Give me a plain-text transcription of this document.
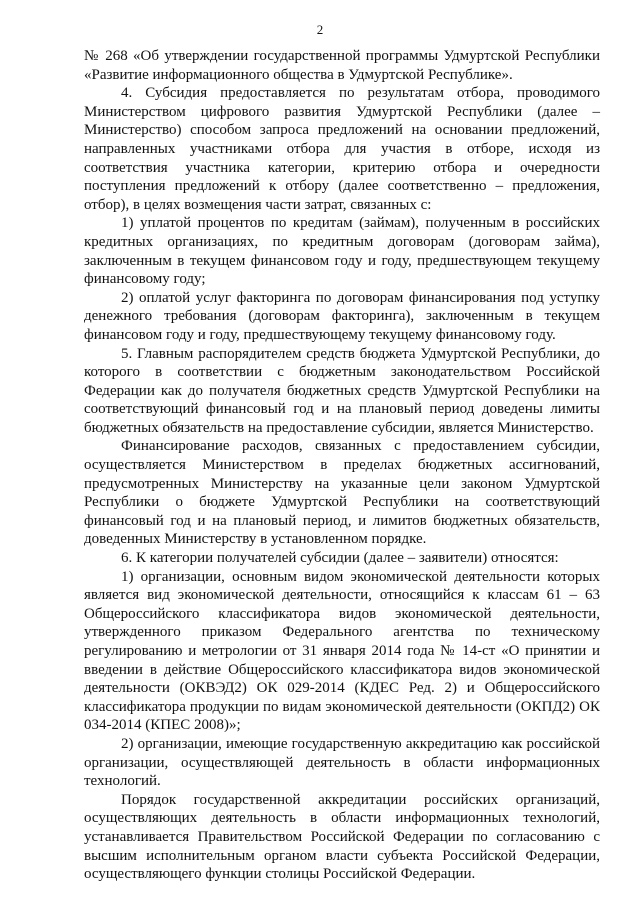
2

№ 268 «Об утверждении государственной программы Удмуртской Республики «Развитие информационного общества в Удмуртской Республике».

4. Субсидия предоставляется по результатам отбора, проводимого Министерством цифрового развития Удмуртской Республики (далее – Министерство) способом запроса предложений на основании предложений, направленных участниками отбора для участия в отборе, исходя из соответствия участника категории, критерию отбора и очередности поступления предложений к отбору (далее соответственно – предложения, отбор), в целях возмещения части затрат, связанных с:

1) уплатой процентов по кредитам (займам), полученным в российских кредитных организациях, по кредитным договорам (договорам займа), заключенным в текущем финансовом году и году, предшествующем текущему финансовому году;

2) оплатой услуг факторинга по договорам финансирования под уступку денежного требования (договорам факторинга), заключенным в текущем финансовом году и году, предшествующему текущему финансовому году.

5. Главным распорядителем средств бюджета Удмуртской Республики, до которого в соответствии с бюджетным законодательством Российской Федерации как до получателя бюджетных средств Удмуртской Республики на соответствующий финансовый год и на плановый период доведены лимиты бюджетных обязательств на предоставление субсидии, является Министерство.

Финансирование расходов, связанных с предоставлением субсидии, осуществляется Министерством в пределах бюджетных ассигнований, предусмотренных Министерству на указанные цели законом Удмуртской Республики о бюджете Удмуртской Республики на соответствующий финансовый год и на плановый период, и лимитов бюджетных обязательств, доведенных Министерству в установленном порядке.

6. К категории получателей субсидии (далее – заявители) относятся:

1) организации, основным видом экономической деятельности которых является вид экономической деятельности, относящийся к классам 61 – 63 Общероссийского классификатора видов экономической деятельности, утвержденного приказом Федерального агентства по техническому регулированию и метрологии от 31 января 2014 года № 14-ст «О принятии и введении в действие Общероссийского классификатора видов экономической деятельности (ОКВЭД2) ОК 029-2014 (КДЕС Ред. 2) и Общероссийского классификатора продукции по видам экономической деятельности (ОКПД2) ОК 034-2014 (КПЕС 2008)»;

2) организации, имеющие государственную аккредитацию как российской организации, осуществляющей деятельность в области информационных технологий.

Порядок государственной аккредитации российских организаций, осуществляющих деятельность в области информационных технологий, устанавливается Правительством Российской Федерации по согласованию с высшим исполнительным органом власти субъекта Российской Федерации, осуществляющего функции столицы Российской Федерации.
